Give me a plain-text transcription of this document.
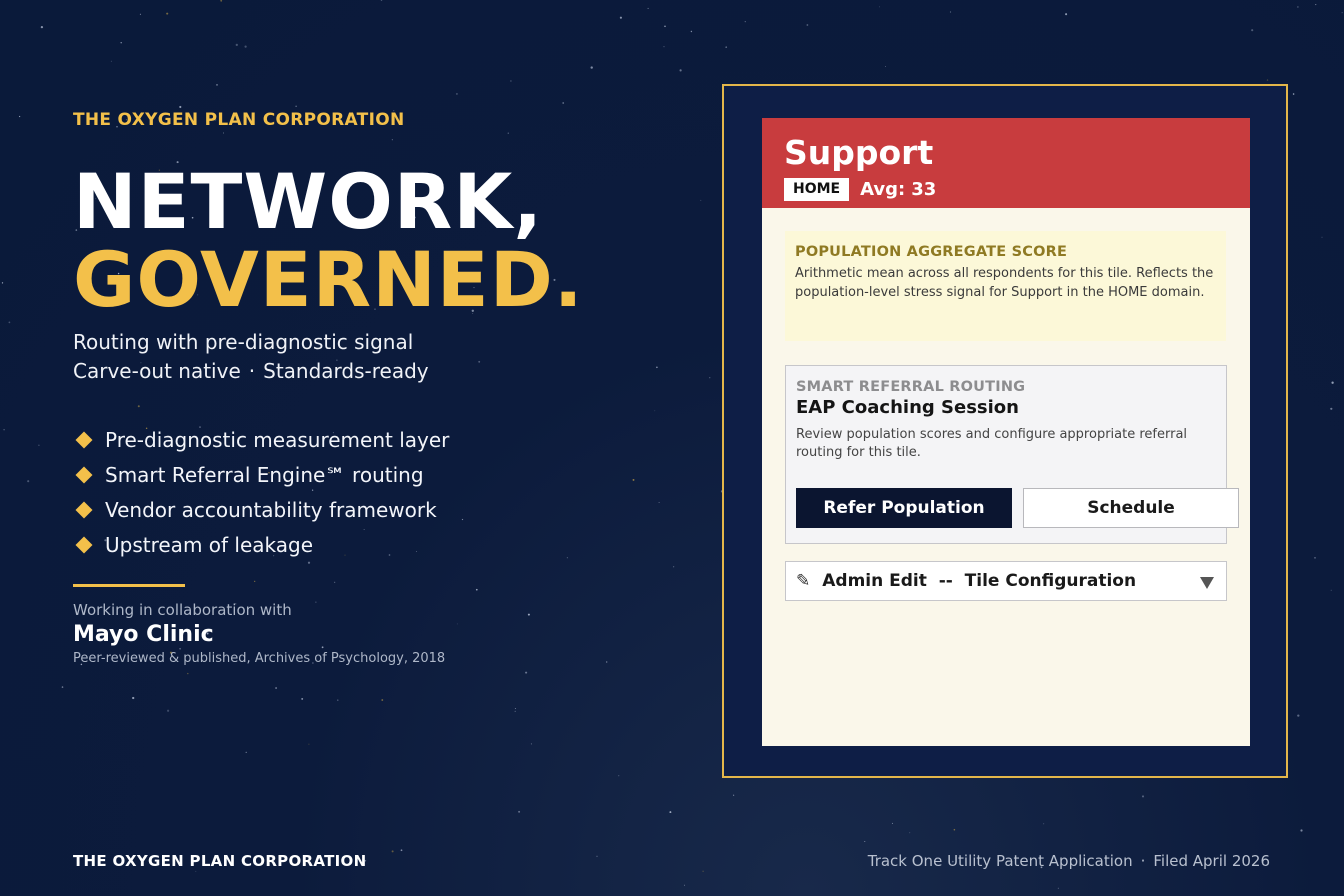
THE OXYGEN PLAN CORPORATION
NETWORK,
GOVERNED.
Routing with pre-diagnostic signal
Carve-out native · Standards-ready
Pre-diagnostic measurement layer
Smart Referral Engine℠ routing
Vendor accountability framework
Upstream of leakage
Working in collaboration with
Mayo Clinic
Peer-reviewed & published, Archives of Psychology, 2018
Support
HOME	Avg: 33
POPULATION AGGREGATE SCORE
Arithmetic mean across all respondents for this tile. Reflects the population-level stress signal for Support in the HOME domain.
SMART REFERRAL ROUTING
EAP Coaching Session
Review population scores and configure appropriate referral routing for this tile.
Refer Population	Schedule
✎ Admin Edit  --  Tile Configuration
THE OXYGEN PLAN CORPORATION	Track One Utility Patent Application · Filed April 2026
